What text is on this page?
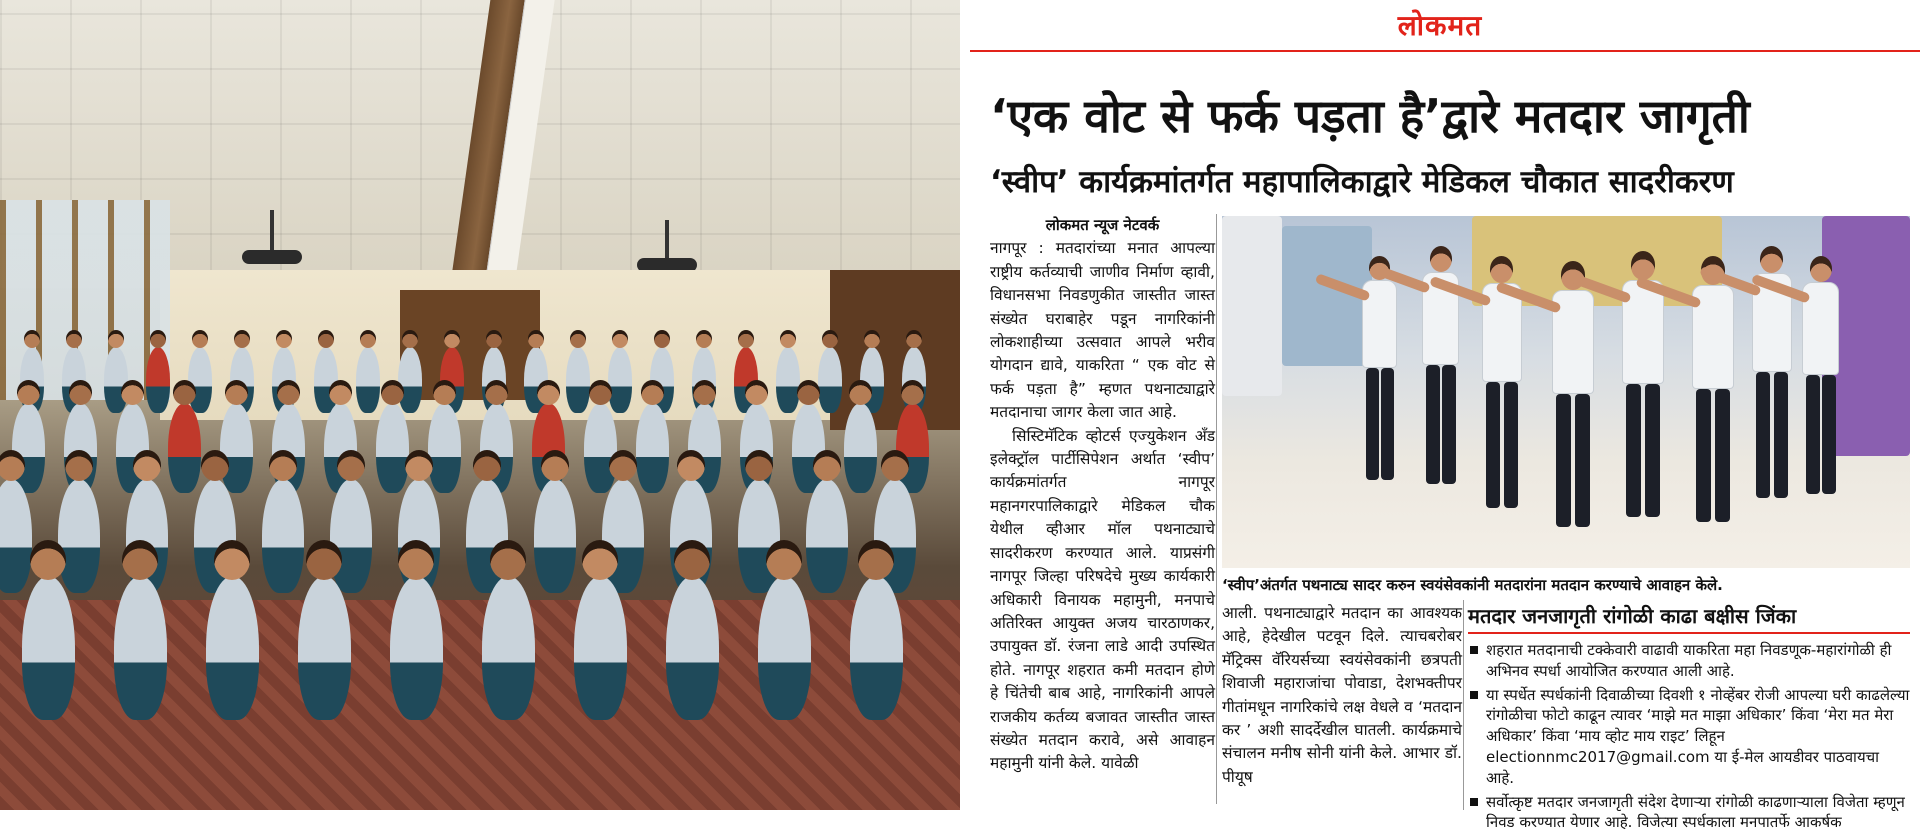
लोकमत
‘एक वोट से फर्क पड़ता है’द्वारे मतदार जागृती
‘स्वीप’ कार्यक्रमांतर्गत महापालिकाद्वारे मेडिकल चौकात सादरीकरण

लोकमत न्यूज नेटवर्क

नागपूर : मतदारांच्या मनात आपल्या राष्ट्रीय कर्तव्याची जाणीव निर्माण व्हावी, विधानसभा निवडणुकीत जास्तीत जास्त संख्येत घराबाहेर पडून नागरिकांनी लोकशाहीच्या उत्सवात आपले भरीव योगदान द्यावे, याकरिता “ एक वोट से फर्क पड़ता है” म्हणत पथनाट्याद्वारे मतदानाचा जागर केला जात आहे.

सिस्टिमॅटिक व्होटर्स एज्युकेशन अँड इलेक्ट्रॉल पार्टीसिपेशन अर्थात ‘स्वीप’ कार्यक्रमांतर्गत नागपूर महानगरपालिकाद्वारे मेडिकल चौक येथील व्हीआर मॉल पथनाट्याचे सादरीकरण करण्यात आले. याप्रसंगी नागपूर जिल्हा परिषदेचे मुख्य कार्यकारी अधिकारी विनायक महामुनी, मनपाचे अतिरिक्त आयुक्त अजय चारठाणकर, उपायुक्त डॉ. रंजना लाडे आदी उपस्थित होते. नागपूर शहरात कमी मतदान होणे हे चिंतेची बाब आहे, नागरिकांनी आपले राजकीय कर्तव्य बजावत जास्तीत जास्त संख्येत मतदान करावे, असे आवाहन महामुनी यांनी केले. यावेळी

‘स्वीप’अंतर्गत पथनाट्य सादर करुन स्वयंसेवकांनी मतदारांना मतदान करण्याचे आवाहन केले.

आली. पथनाट्याद्वारे मतदान का आवश्यक आहे, हेदेखील पटवून दिले. त्याचबरोबर मॅट्रिक्स वॅरियर्सच्या स्वयंसेवकांनी छत्रपती शिवाजी महाराजांचा पोवाडा, देशभक्तीपर गीतांमधून नागरिकांचे लक्ष वेधले व ‘मतदान कर ’ अशी सादर्देखील घातली. कार्यक्रमाचे संचालन मनीष सोनी यांनी केले. आभार डॉ. पीयूष

मतदार जनजागृती रांगोळी काढा बक्षीस जिंका
शहरात मतदानाची टक्केवारी वाढावी याकरिता महा निवडणूक-महारांगोळी ही अभिनव स्पर्धा आयोजित करण्यात आली आहे.
या स्पर्धेत स्पर्धकांनी दिवाळीच्या दिवशी १ नोव्हेंबर रोजी आपल्या घरी काढलेल्या रांगोळीचा फोटो काढून त्यावर ‘माझे मत माझा अधिकार’ किंवा ‘मेरा मत मेरा अधिकार’ किंवा ‘माय व्होट माय राइट’ लिहून electionnmc2017@gmail.com या ई-मेल आयडीवर पाठवायचा आहे.
सर्वोत्कृष्ट मतदार जनजागृती संदेश देणाऱ्या रांगोळी काढणाऱ्याला विजेता म्हणून निवड करण्यात येणार आहे. विजेत्या स्पर्धकाला मनपातर्फे आकर्षक
